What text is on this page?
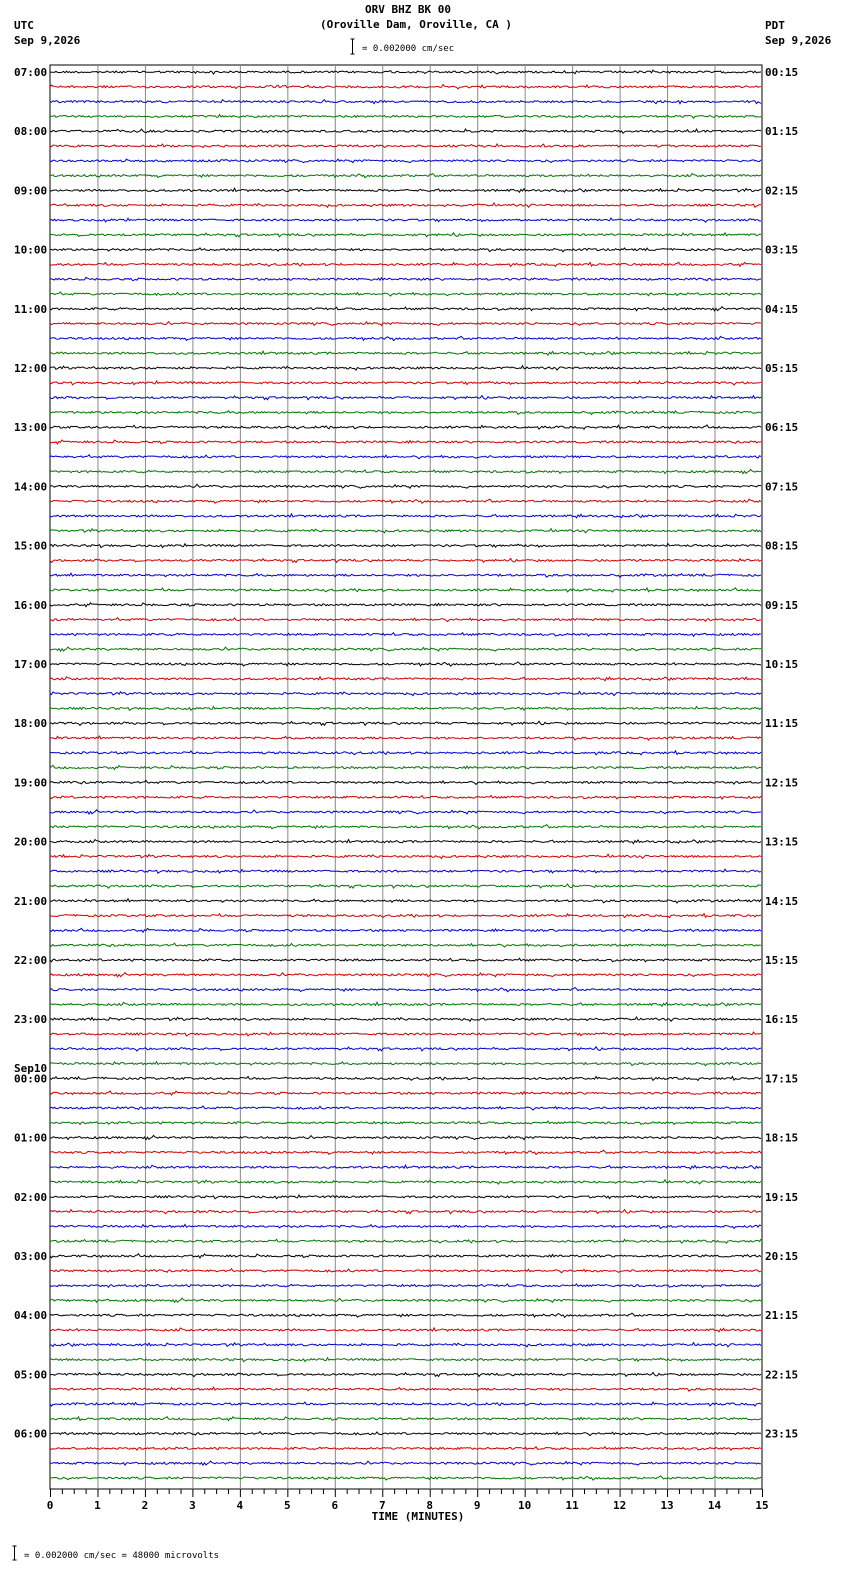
ORV BHZ BK 00
(Oroville Dam, Oroville, CA )
UTC
Sep 9,2026
PDT
Sep 9,2026
= 0.002000 cm/sec
Sep10
TIME (MINUTES)
= 0.002000 cm/sec = 48000 microvolts
07:00	00:15
08:00	01:15
09:00	02:15
10:00	03:15
11:00	04:15
12:00	05:15
13:00	06:15
14:00	07:15
15:00	08:15
16:00	09:15
17:00	10:15
18:00	11:15
19:00	12:15
20:00	13:15
21:00	14:15
22:00	15:15
23:00	16:15
00:00	17:15
01:00	18:15
02:00	19:15
03:00	20:15
04:00	21:15
05:00	22:15
06:00	23:15
0	1	2	3	4	5	6	7	8	9	10	11	12	13	14	15
